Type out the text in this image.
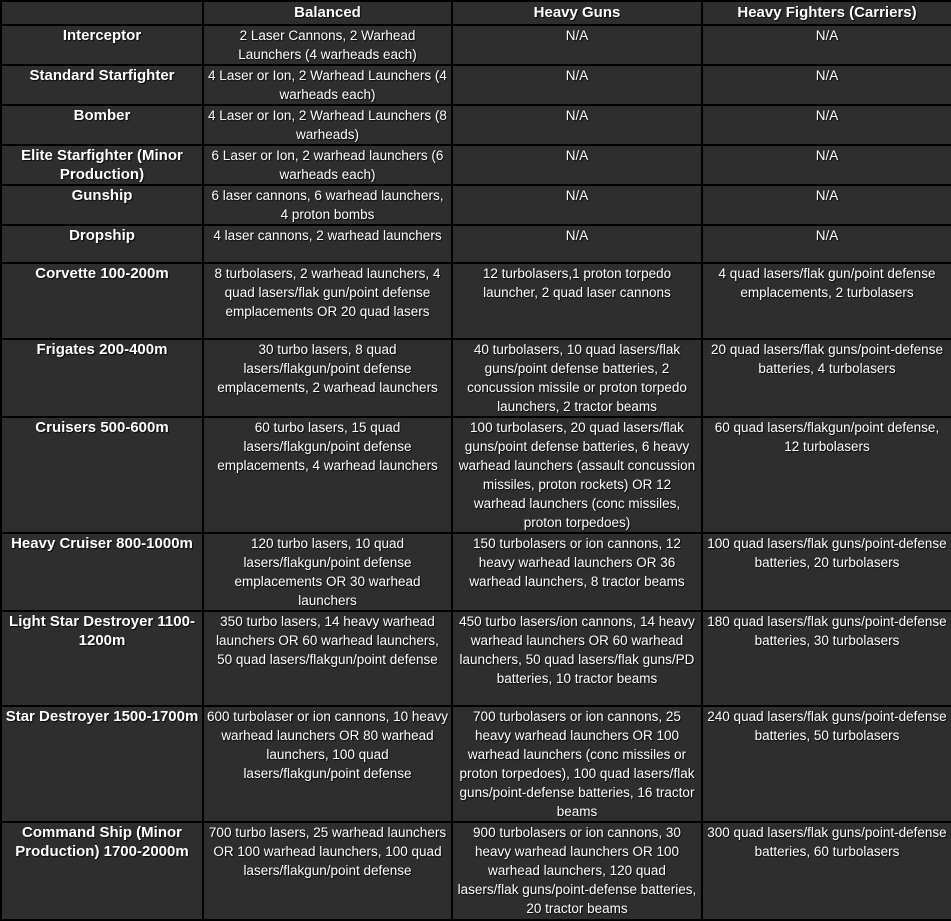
	Balanced	Heavy Guns	Heavy Fighters (Carriers)
Interceptor	2 Laser Cannons, 2 Warhead Launchers (4 warheads each)	N/A	N/A
Standard Starfighter	4 Laser or Ion, 2 Warhead Launchers (4 warheads each)	N/A	N/A
Bomber	4 Laser or Ion, 2 Warhead Launchers (8 warheads)	N/A	N/A
Elite Starfighter (Minor Production)	6 Laser or Ion, 2 warhead launchers (6 warheads each)	N/A	N/A
Gunship	6 laser cannons, 6 warhead launchers, 4 proton bombs	N/A	N/A
Dropship	4 laser cannons, 2 warhead launchers	N/A	N/A
Corvette 100-200m	8 turbolasers, 2 warhead launchers, 4 quad lasers/flak gun/point defense emplacements OR 20 quad lasers	12 turbolasers,1 proton torpedo launcher, 2 quad laser cannons	4 quad lasers/flak gun/point defense emplacements, 2 turbolasers
Frigates 200-400m	30 turbo lasers, 8 quad lasers/flakgun/point defense emplacements, 2 warhead launchers	40 turbolasers, 10 quad lasers/flak guns/point defense batteries, 2 concussion missile or proton torpedo launchers, 2 tractor beams	20 quad lasers/flak guns/point-defense batteries, 4 turbolasers
Cruisers 500-600m	60 turbo lasers, 15 quad lasers/flakgun/point defense emplacements, 4 warhead launchers	100 turbolasers, 20 quad lasers/flak guns/point defense batteries, 6 heavy warhead launchers (assault concussion missiles, proton rockets) OR 12 warhead launchers (conc missiles, proton torpedoes)	60 quad lasers/flakgun/point defense, 12 turbolasers
Heavy Cruiser 800-1000m	120 turbo lasers, 10 quad lasers/flakgun/point defense emplacements OR 30 warhead launchers	150 turbolasers or ion cannons, 12 heavy warhead launchers OR 36 warhead launchers, 8 tractor beams	100 quad lasers/flak guns/point-defense batteries, 20 turbolasers
Light Star Destroyer 1100-1200m	350 turbo lasers, 14 heavy warhead launchers OR 60 warhead launchers, 50 quad lasers/flakgun/point defense	450 turbo lasers/ion cannons, 14 heavy warhead launchers OR 60 warhead launchers, 50 quad lasers/flak guns/PD batteries, 10 tractor beams	180 quad lasers/flak guns/point-defense batteries, 30 turbolasers
Star Destroyer 1500-1700m	600 turbolaser or ion cannons, 10 heavy warhead launchers OR 80 warhead launchers, 100 quad lasers/flakgun/point defense	700 turbolasers or ion cannons, 25 heavy warhead launchers OR 100 warhead launchers (conc missiles or proton torpedoes), 100 quad lasers/flak guns/point-defense batteries, 16 tractor beams	240 quad lasers/flak guns/point-defense batteries, 50 turbolasers
Command Ship (Minor Production) 1700-2000m	700 turbo lasers, 25 warhead launchers OR 100 warhead launchers, 100 quad lasers/flakgun/point defense	900 turbolasers or ion cannons, 30 heavy warhead launchers OR 100 warhead launchers, 120 quad lasers/flak guns/point-defense batteries, 20 tractor beams	300 quad lasers/flak guns/point-defense batteries, 60 turbolasers
